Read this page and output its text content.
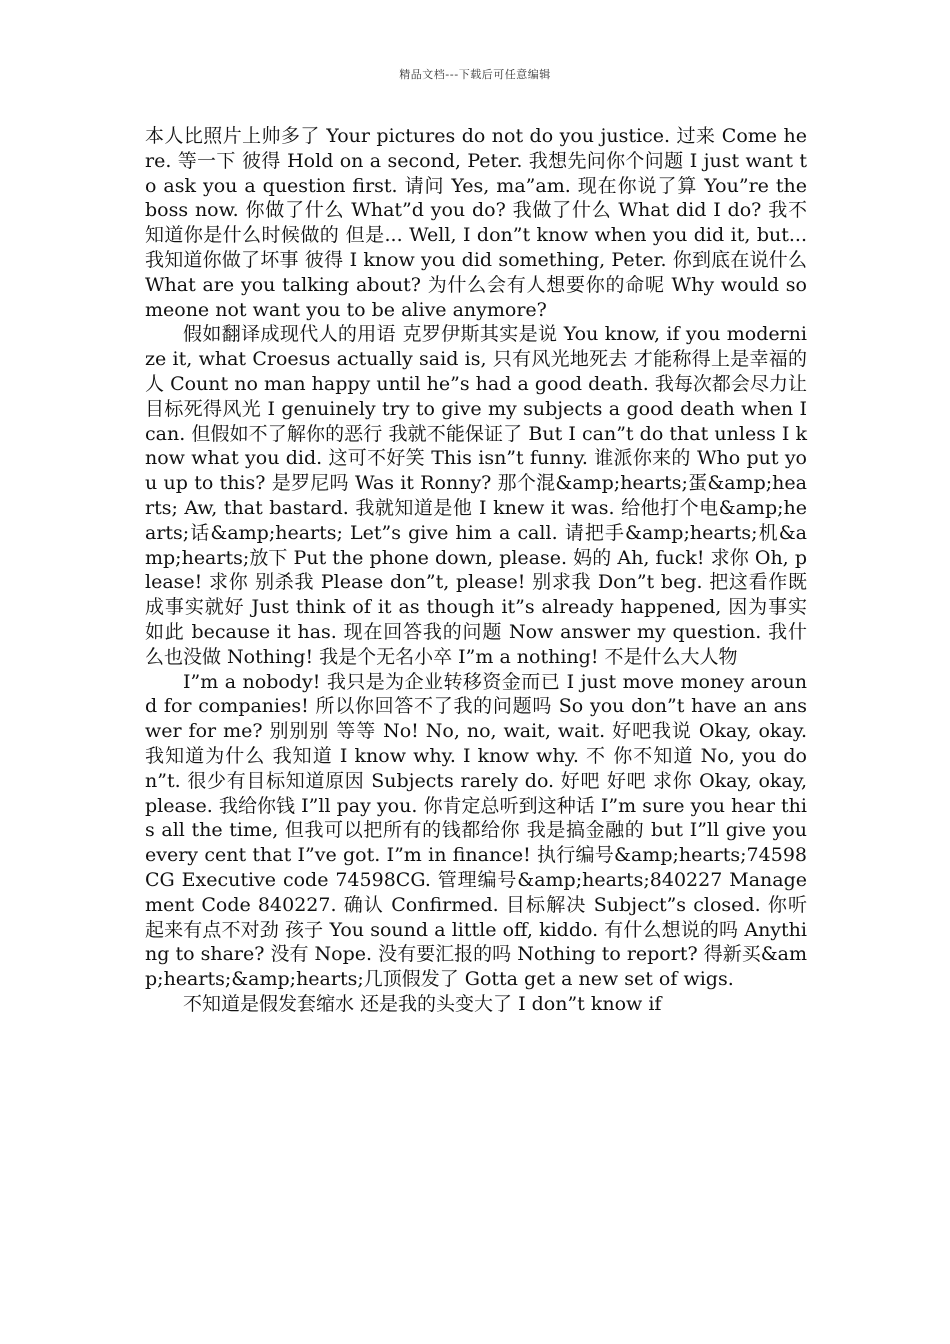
精品文档---下载后可任意编辑

本人比照片上帅多了 Your pictures do not do you justice. 过来 Come here. 等一下 彼得 Hold on a second, Peter. 我想先问你个问题 I just want to ask you a question first. 请问 Yes, ma”am. 现在你说了算 You”re the boss now. 你做了什么 What”d you do? 我做了什么 What did I do? 我不知道你是什么时候做的 但是... Well, I don”t know when you did it, but... 我知道你做了坏事 彼得 I know you did something, Peter. 你到底在说什么 What are you talking about? 为什么会有人想要你的命呢 Why would someone not want you to be alive anymore?

假如翻译成现代人的用语 克罗伊斯其实是说 You know, if you modernize it, what Croesus actually said is, 只有风光地死去 才能称得上是幸福的人 Count no man happy until he”s had a good death. 我每次都会尽力让目标死得风光 I genuinely try to give my subjects a good death when I can. 但假如不了解你的恶行 我就不能保证了 But I can”t do that unless I know what you did. 这可不好笑 This isn”t funny. 谁派你来的 Who put you up to this? 是罗尼吗 Was it Ronny? 那个混&amp;hearts;蛋&amp;hearts; Aw, that bastard. 我就知道是他 I knew it was. 给他打个电&amp;hearts;话&amp;hearts; Let”s give him a call. 请把手&amp;hearts;机&amp;hearts;放下 Put the phone down, please. 妈的 Ah, fuck! 求你 Oh, please! 求你 别杀我 Please don”t, please! 别求我 Don”t beg. 把这看作既成事实就好 Just think of it as though it”s already happened, 因为事实如此 because it has. 现在回答我的问题 Now answer my question. 我什么也没做 Nothing! 我是个无名小卒 I”m a nothing! 不是什么大人物

I”m a nobody! 我只是为企业转移资金而已 I just move money around for companies! 所以你回答不了我的问题吗 So you don”t have an answer for me? 别别别 等等 No! No, no, wait, wait. 好吧我说 Okay, okay. 我知道为什么 我知道 I know why. I know why. 不 你不知道 No, you don”t. 很少有目标知道原因 Subjects rarely do. 好吧 好吧 求你 Okay, okay, please. 我给你钱 I”ll pay you. 你肯定总听到这种话 I”m sure you hear this all the time, 但我可以把所有的钱都给你 我是搞金融的 but I”ll give you every cent that I”ve got. I”m in finance! 执行编号&amp;hearts;74598CG Executive code 74598CG. 管理编号&amp;hearts;840227 Management Code 840227. 确认 Confirmed. 目标解决 Subject”s closed. 你听起来有点不对劲 孩子 You sound a little off, kiddo. 有什么想说的吗 Anything to share? 没有 Nope. 没有要汇报的吗 Nothing to report? 得新买&amp;hearts;&amp;hearts;几顶假发了 Gotta get a new set of wigs.

不知道是假发套缩水 还是我的头变大了 I don”t know if
